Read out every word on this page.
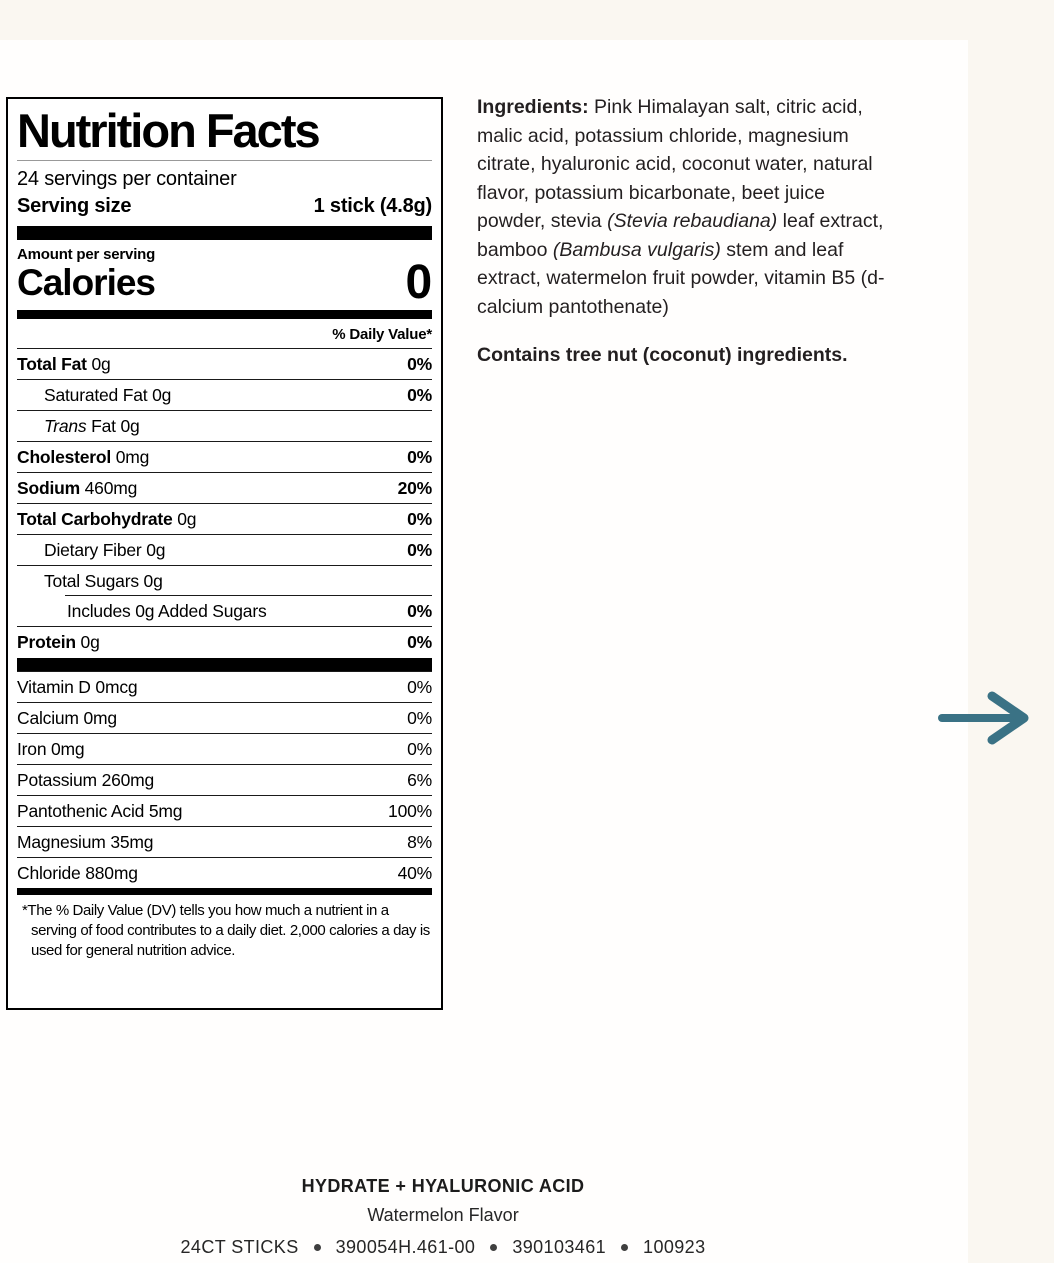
Nutrition Facts
24 servings per container
Serving size	1 stick (4.8g)
Amount per serving
Calories	0
% Daily Value*
Total Fat 0g	0%
Saturated Fat 0g	0%
Trans Fat 0g
Cholesterol 0mg	0%
Sodium 460mg	20%
Total Carbohydrate 0g	0%
Dietary Fiber 0g	0%
Total Sugars 0g
Includes 0g Added Sugars	0%
Protein 0g	0%
Vitamin D 0mcg	0%
Calcium 0mg	0%
Iron 0mg	0%
Potassium 260mg	6%
Pantothenic Acid 5mg	100%
Magnesium 35mg	8%
Chloride 880mg	40%
*The % Daily Value (DV) tells you how much a nutrient in a serving of food contributes to a daily diet. 2,000 calories a day is used for general nutrition advice.

Ingredients: Pink Himalayan salt, citric acid, malic acid, potassium chloride, magnesium citrate, hyaluronic acid, coconut water, natural flavor, potassium bicarbonate, beet juice powder, stevia (Stevia rebaudiana) leaf extract, bamboo (Bambusa vulgaris) stem and leaf extract, watermelon fruit powder, vitamin B5 (d-calcium pantothenate)

Contains tree nut (coconut) ingredients.

HYDRATE + HYALURONIC ACID
Watermelon Flavor
24CT STICKS 390054H.461-00 390103461 100923
